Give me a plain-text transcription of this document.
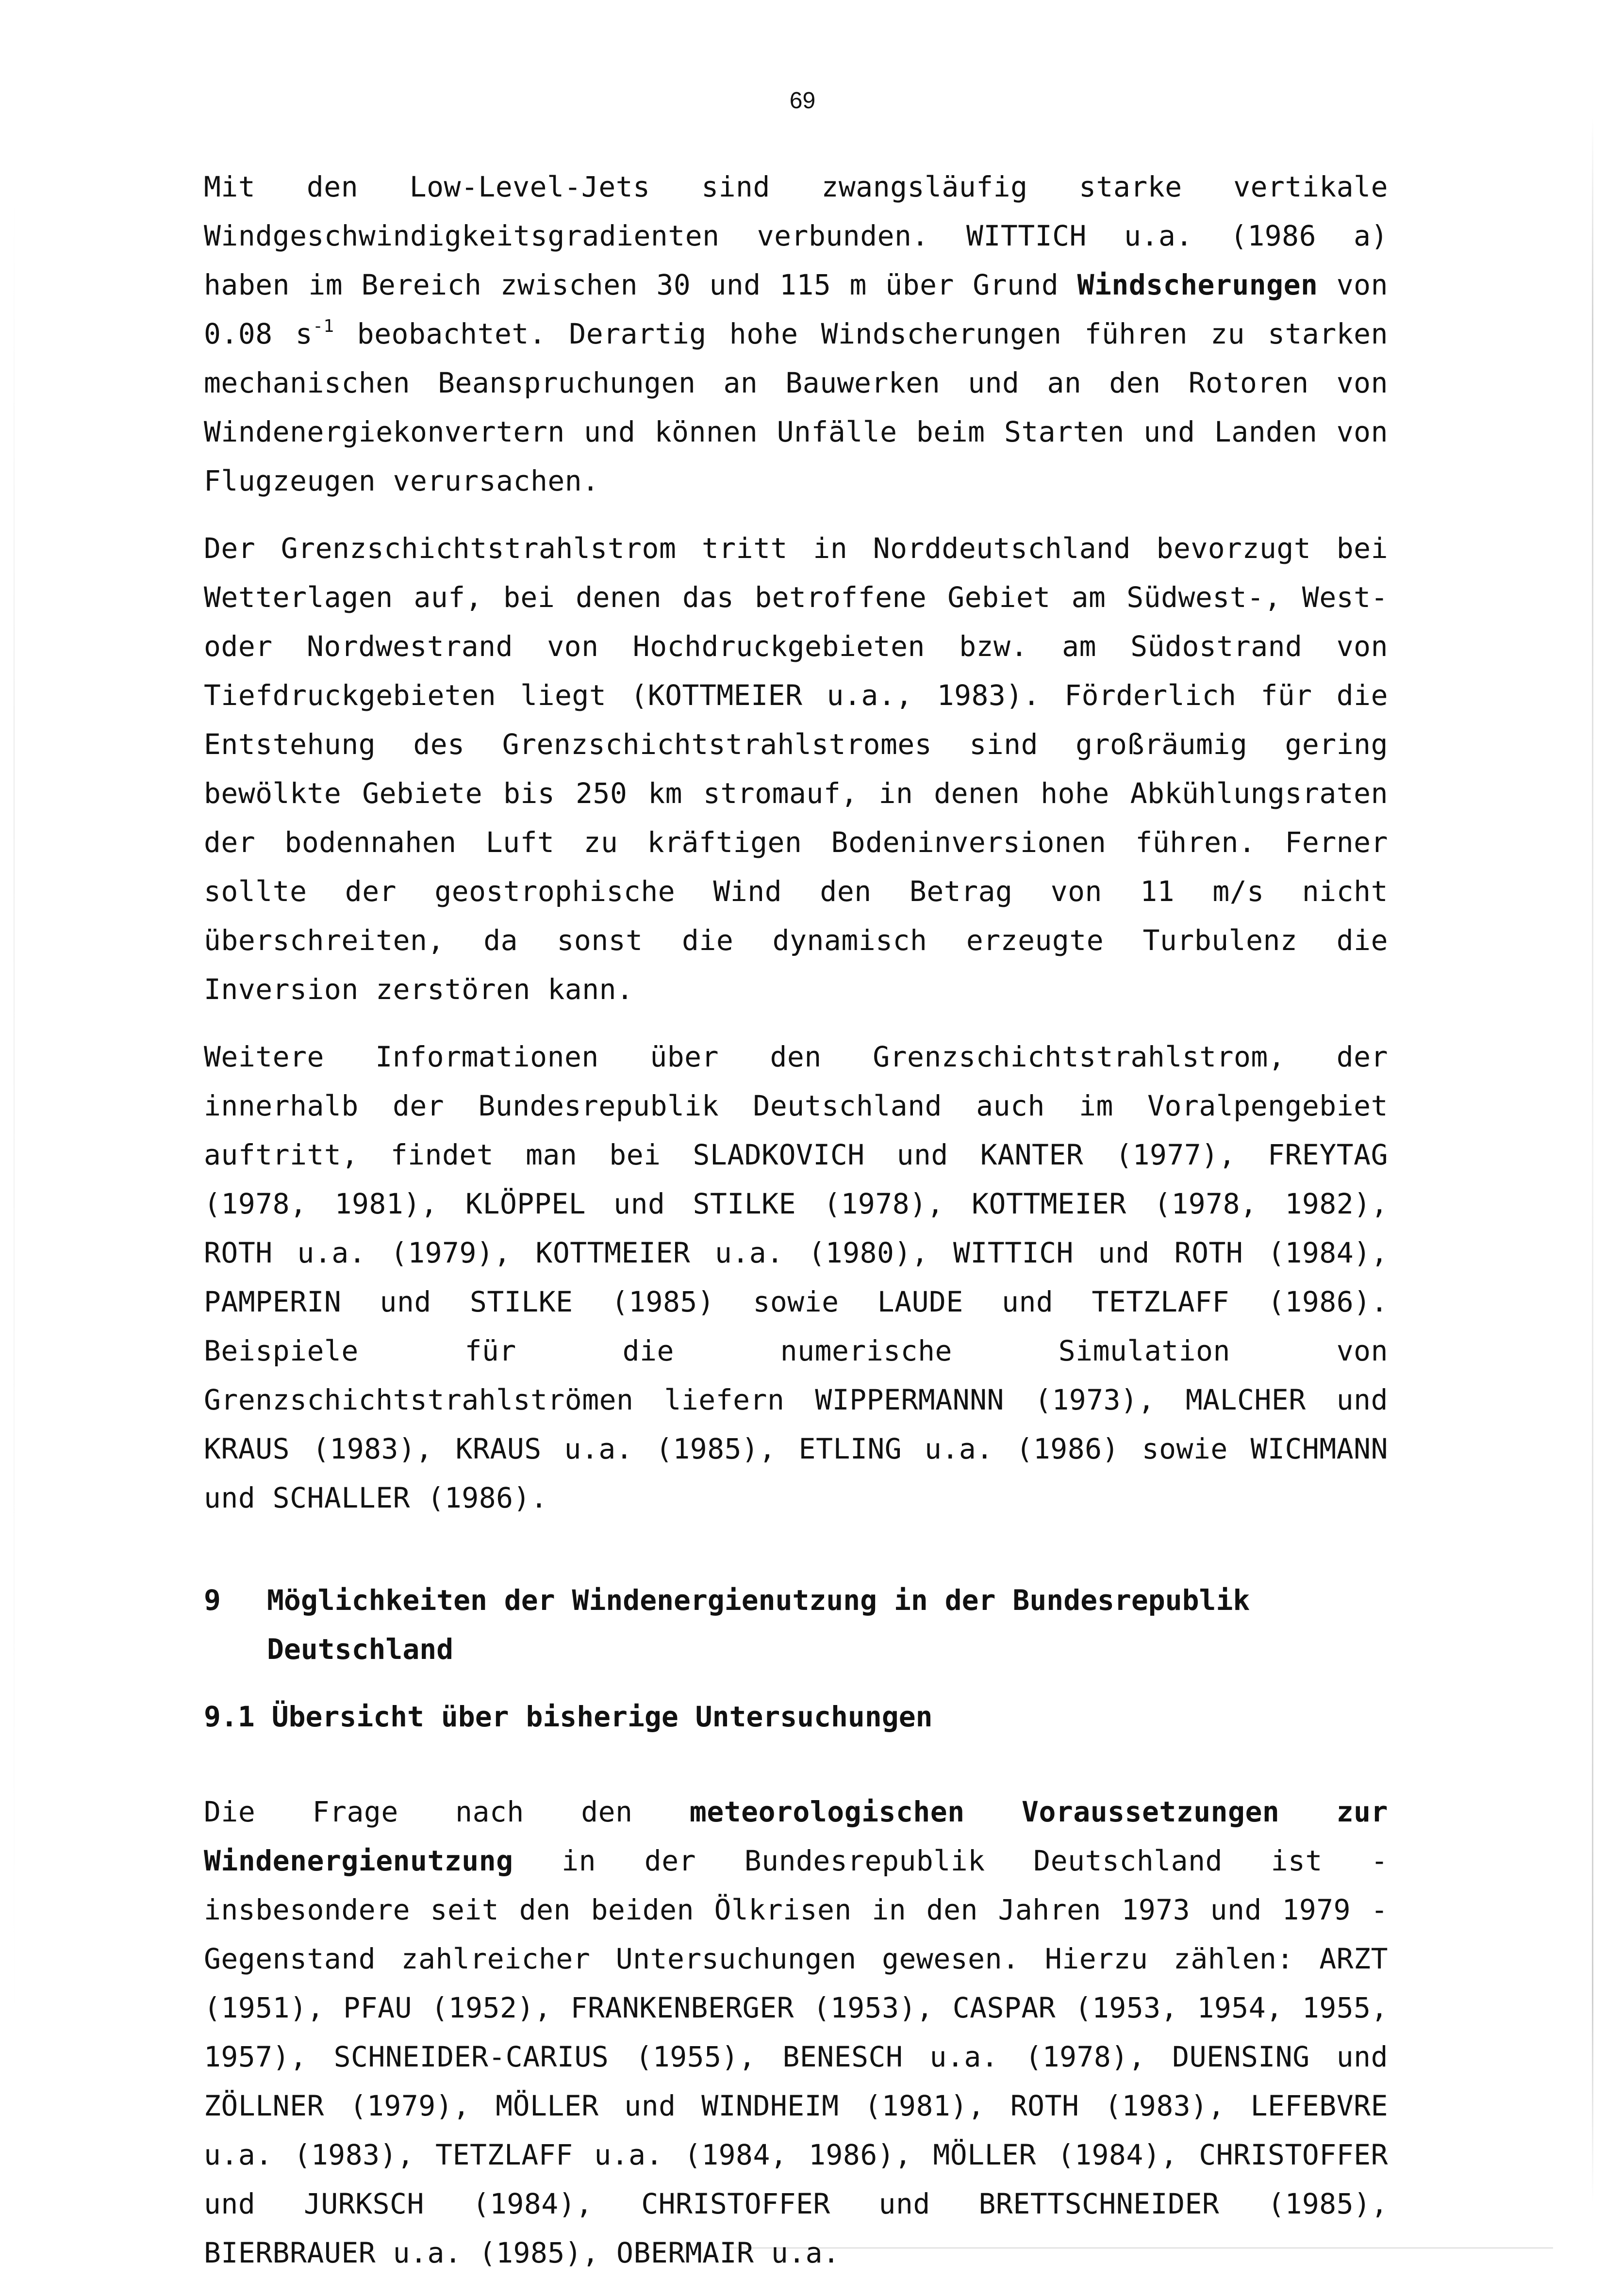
69

Mit den Low-Level-Jets sind zwangsläufig starke vertikale Windgeschwindigkeitsgradienten verbunden. WITTICH u.a. (1986 a) haben im Bereich zwischen 30 und 115 m über Grund Windscherungen von 0.08 $s^{-1}$ beobachtet. Derartig hohe Windscherungen führen zu starken mechanischen Beanspruchungen an Bauwerken und an den Rotoren von Windenergiekonvertern und können Unfälle beim Starten und Landen von Flugzeugen verursachen.

Der Grenzschichtstrahlstrom tritt in Norddeutschland bevorzugt bei Wetterlagen auf, bei denen das betroffene Gebiet am Südwest-, West- oder Nordwestrand von Hochdruckgebieten bzw. am Südostrand von Tiefdruckgebieten liegt (KOTTMEIER u.a., 1983). Förderlich für die Entstehung des Grenzschichtstrahlstromes sind großräumig gering bewölkte Gebiete bis 250 km stromauf, in denen hohe Abkühlungsraten der bodennahen Luft zu kräftigen Bodeninversionen führen. Ferner sollte der geostrophische Wind den Betrag von 11 m/s nicht überschreiten, da sonst die dynamisch erzeugte Turbulenz die Inversion zerstören kann.

Weitere Informationen über den Grenzschichtstrahlstrom, der innerhalb der Bundesrepublik Deutschland auch im Voralpengebiet auftritt, findet man bei SLADKOVICH und KANTER (1977), FREYTAG (1978, 1981), KLÖPPEL und STILKE (1978), KOTTMEIER (1978, 1982), ROTH u.a. (1979), KOTTMEIER u.a. (1980), WITTICH und ROTH (1984), PAMPERIN und STILKE (1985) sowie LAUDE und TETZLAFF (1986). Beispiele für die numerische Simulation von Grenzschichtstrahlströmen liefern WIPPERMANNN (1973), MALCHER und KRAUS (1983), KRAUS u.a. (1985), ETLING u.a. (1986) sowie WICHMANN und SCHALLER (1986).

9	Möglichkeiten der Windenergienutzung in der Bundesrepublik Deutschland
9.1
Übersicht über bisherige Untersuchungen

Die Frage nach den meteorologischen Voraussetzungen zur Windenergienutzung in der Bundesrepublik Deutschland ist - insbesondere seit den beiden Ölkrisen in den Jahren 1973 und 1979 - Gegenstand zahlreicher Untersuchungen gewesen. Hierzu zählen: ARZT (1951), PFAU (1952), FRANKENBERGER (1953), CASPAR (1953, 1954, 1955, 1957), SCHNEIDER-CARIUS (1955), BENESCH u.a. (1978), DUENSING und ZÖLLNER (1979), MÖLLER und WINDHEIM (1981), ROTH (1983), LEFEBVRE u.a. (1983), TETZLAFF u.a. (1984, 1986), MÖLLER (1984), CHRISTOFFER und JURKSCH (1984), CHRISTOFFER und BRETTSCHNEIDER (1985), BIERBRAUER u.a. (1985), OBERMAIR u.a.
